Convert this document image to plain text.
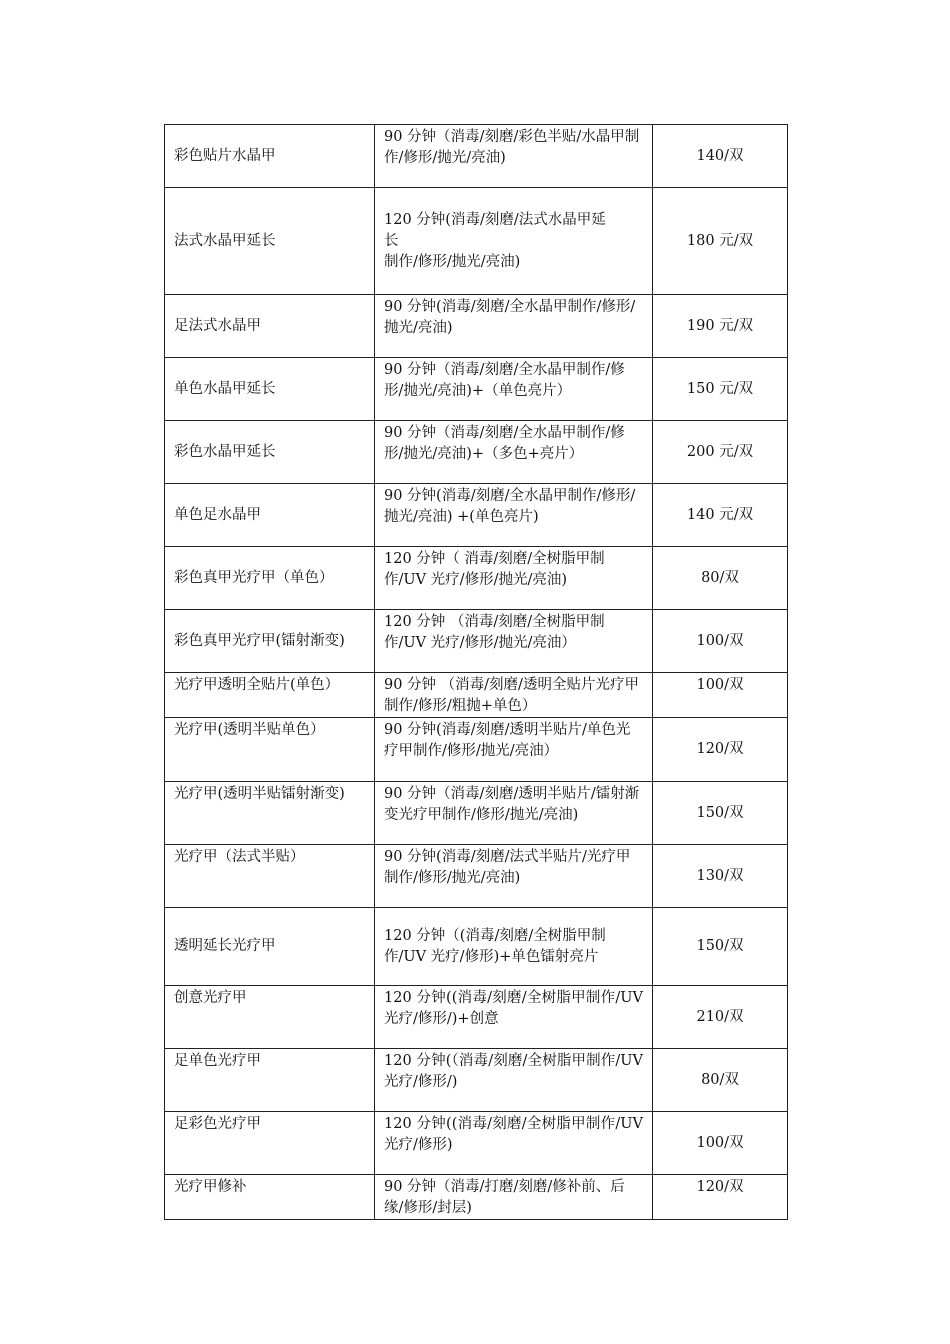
彩色贴片水晶甲	90 分钟（消毒/刻磨/彩色半贴/水晶甲制作/修形/抛光/亮油)	140/双
法式水晶甲延长	120 分钟(消毒/刻磨/法式水晶甲延长
制作/修形/抛光/亮油)	180 元/双
足法式水晶甲	90 分钟(消毒/刻磨/全水晶甲制作/修形/抛光/亮油)	190 元/双
单色水晶甲延长	90 分钟（消毒/刻磨/全水晶甲制作/修形/抛光/亮油)+（单色亮片）	150 元/双
彩色水晶甲延长	90 分钟（消毒/刻磨/全水晶甲制作/修形/抛光/亮油)+（多色+亮片）	200 元/双
单色足水晶甲	90 分钟(消毒/刻磨/全水晶甲制作/修形/抛光/亮油) +(单色亮片)	140 元/双
彩色真甲光疗甲（单色）	120 分钟（ 消毒/刻磨/全树脂甲制作/UV 光疗/修形/抛光/亮油)	80/双
彩色真甲光疗甲(镭射渐变)	120 分钟 （消毒/刻磨/全树脂甲制作/UV 光疗/修形/抛光/亮油）	100/双
光疗甲透明全贴片(单色）	90 分钟 （消毒/刻磨/透明全贴片光疗甲制作/修形/粗抛+单色）	100/双
光疗甲(透明半贴单色）	90 分钟(消毒/刻磨/透明半贴片/单色光疗甲制作/修形/抛光/亮油）	120/双
光疗甲(透明半贴镭射渐变)	90 分钟（消毒/刻磨/透明半贴片/镭射渐变光疗甲制作/修形/抛光/亮油)	150/双
光疗甲（法式半贴）	90 分钟(消毒/刻磨/法式半贴片/光疗甲制作/修形/抛光/亮油)	130/双
透明延长光疗甲	120 分钟（(消毒/刻磨/全树脂甲制作/UV 光疗/修形)+单色镭射亮片	150/双
创意光疗甲	120 分钟((消毒/刻磨/全树脂甲制作/UV 光疗/修形/)+创意	210/双
足单色光疗甲	120 分钟(（消毒/刻磨/全树脂甲制作/UV 光疗/修形/)	80/双
足彩色光疗甲	120 分钟((消毒/刻磨/全树脂甲制作/UV 光疗/修形)	100/双
光疗甲修补	90 分钟（消毒/打磨/刻磨/修补前、后缘/修形/封层)	120/双
